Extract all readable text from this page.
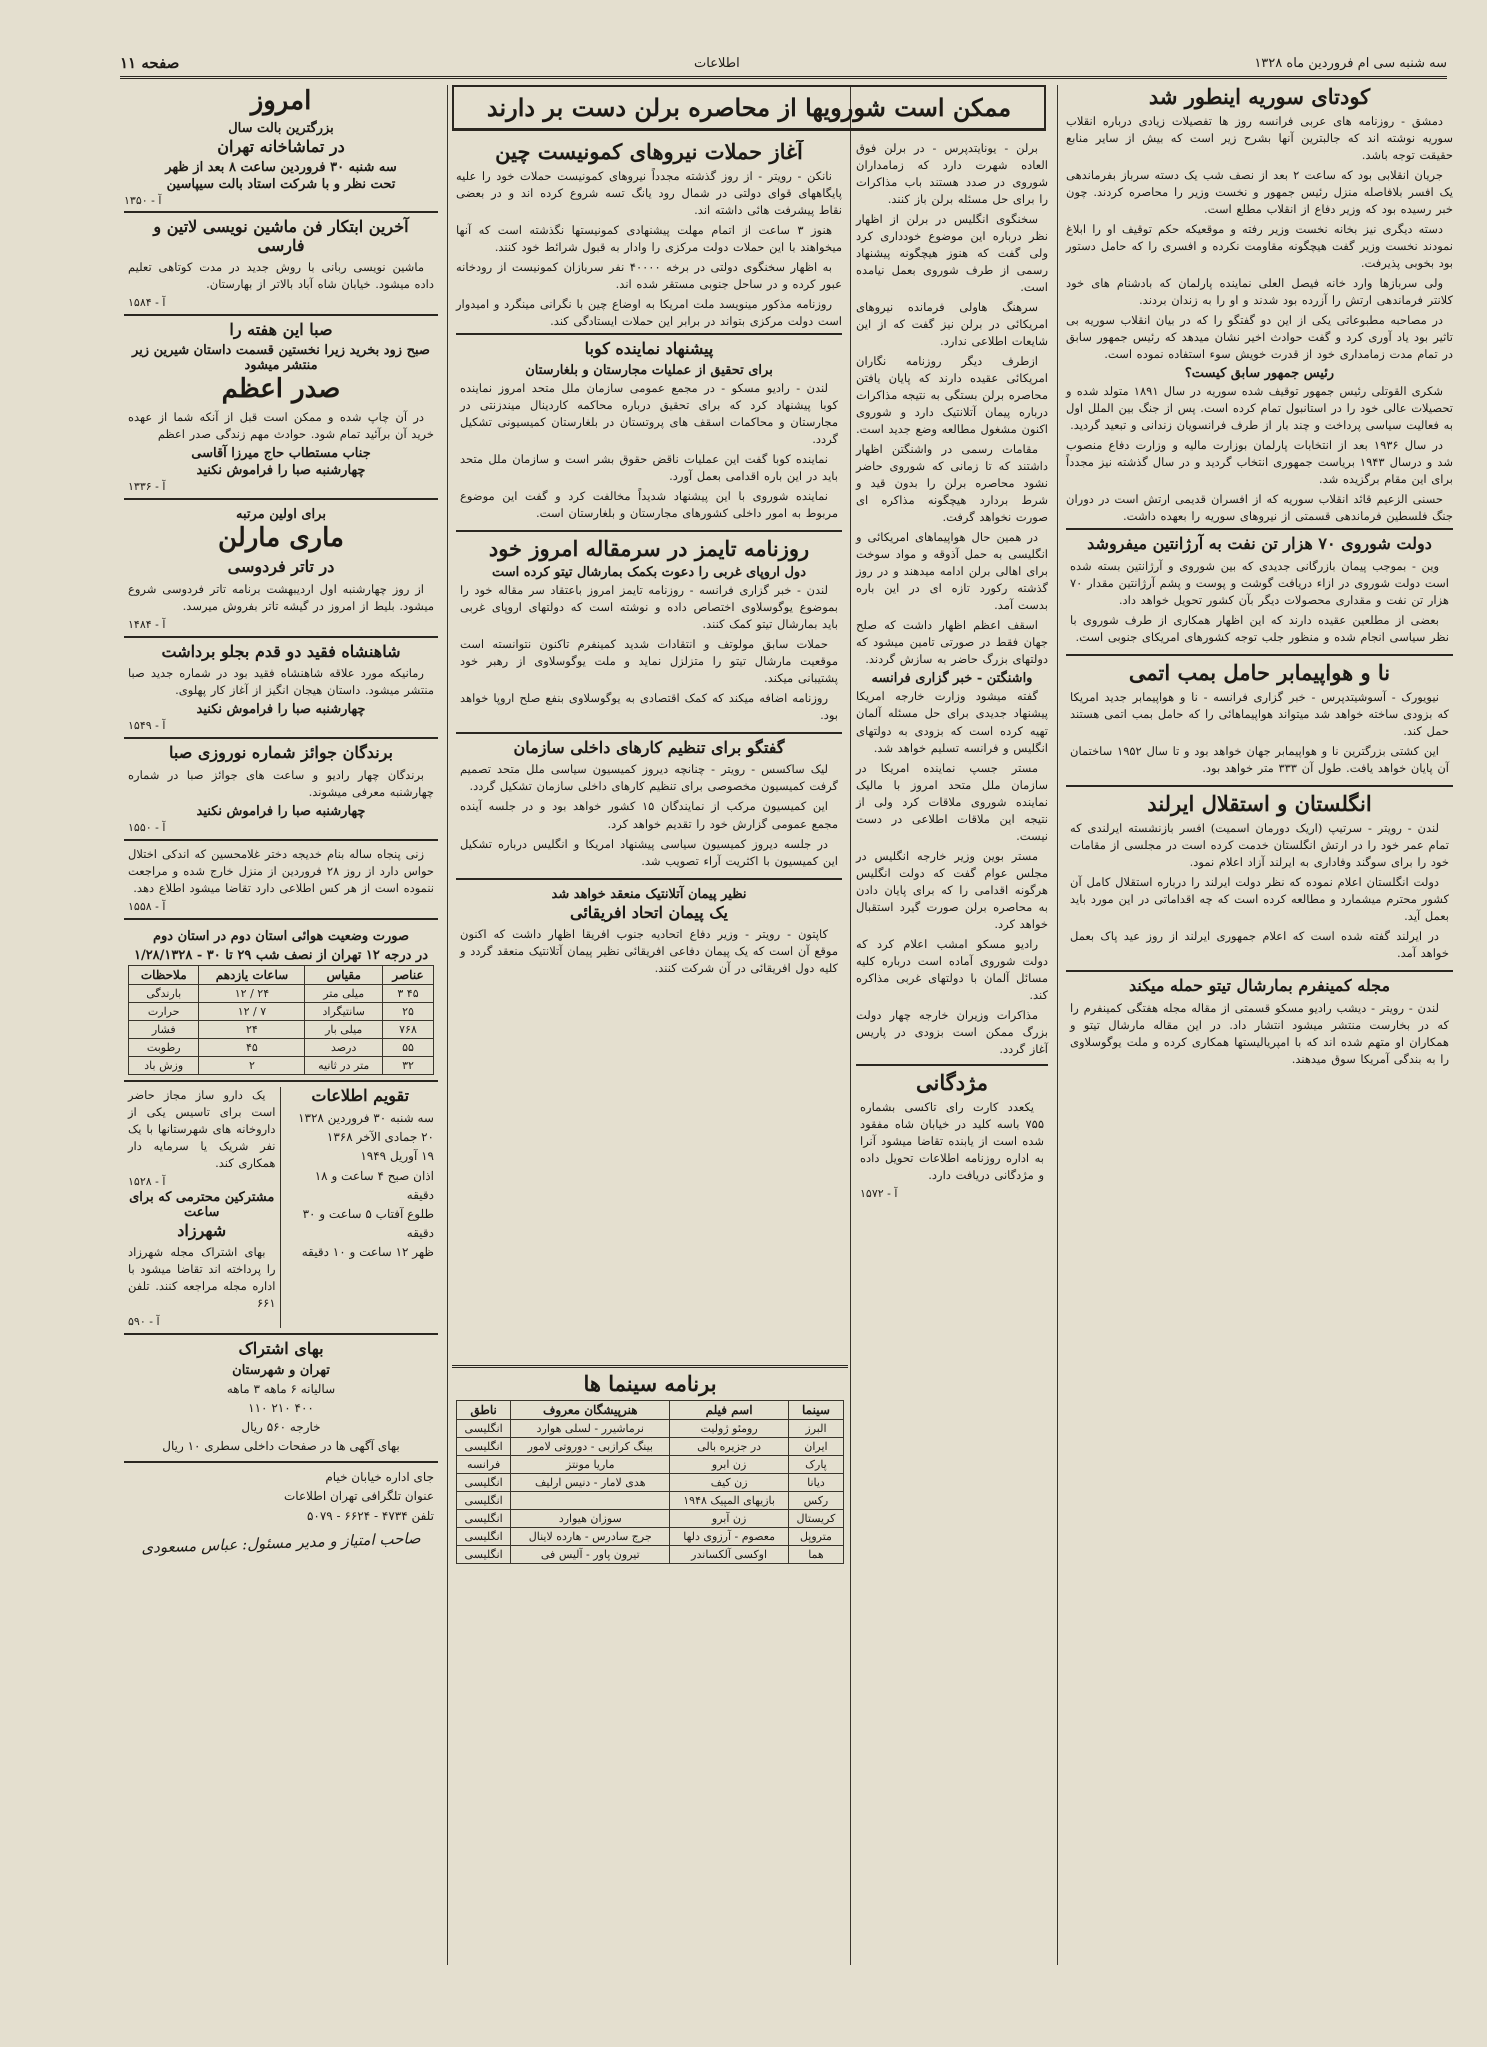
صفحه ۱۱	اطلاعات	سه شنبه سی ام فروردین ماه ۱۳۲۸
کودتای سوریه اینطور شد

دمشق - روزنامه های عربی فرانسه روز ها تفصیلات زیادی درباره انقلاب سوریه نوشته اند که جالبترین آنها بشرح زیر است که بیش از سایر منابع حقیقت توجه باشد.

جریان انقلابی بود که ساعت ۲ بعد از نصف شب یک دسته سرباز بفرماندهی یک افسر بلافاصله منزل رئیس جمهور و نخست وزیر را محاصره کردند. چون خبر رسیده بود که وزیر دفاع از انقلاب مطلع است.

دسته دیگری نیز بخانه نخست وزیر رفته و موقعیکه حکم توقیف او را ابلاغ نمودند نخست وزیر گفت هیچگونه مقاومت نکرده و افسری را که حامل دستور بود بخوبی پذیرفت.

ولی سربازها وارد خانه فیصل العلی نماینده پارلمان که بادشنام های خود کلانتر فرماندهی ارتش را آزرده بود شدند و او را به زندان بردند.

در مصاحبه مطبوعاتی یکی از این دو گفتگو را که در بیان انقلاب سوریه بی تاثیر بود یاد آوری کرد و گفت حوادث اخیر نشان میدهد که رئیس جمهور سابق در تمام مدت زمامداری خود از قدرت خویش سوء استفاده نموده است.

رئیس جمهور سابق کیست؟

شکری القوتلی رئیس جمهور توقیف شده سوریه در سال ۱۸۹۱ متولد شده و تحصیلات عالی خود را در استانبول تمام کرده است. پس از جنگ بین الملل اول به فعالیت سیاسی پرداخت و چند بار از طرف فرانسویان زندانی و تبعید گردید.

در سال ۱۹۳۶ بعد از انتخابات پارلمان بوزارت مالیه و وزارت دفاع منصوب شد و درسال ۱۹۴۳ بریاست جمهوری انتخاب گردید و در سال گذشته نیز مجدداً برای این مقام برگزیده شد.

حسنی الزعیم قائد انقلاب سوریه که از افسران قدیمی ارتش است در دوران جنگ فلسطین فرماندهی قسمتی از نیروهای سوریه را بعهده داشت.

دولت شوروی ۷۰ هزار تن نفت به آرژانتین میفروشد

وین - بموجب پیمان بازرگانی جدیدی که بین شوروی و آرژانتین بسته شده است دولت شوروی در ازاء دریافت گوشت و پوست و پشم آرژانتین مقدار ۷۰ هزار تن نفت و مقداری محصولات دیگر بآن کشور تحویل خواهد داد.

بعضی از مطلعین عقیده دارند که این اظهار همکاری از طرف شوروی با نظر سیاسی انجام شده و منظور جلب توجه کشورهای امریکای جنوبی است.

نا و هواپیمابر حامل بمب اتمی

نیویورک - آسوشیتدپرس - خبر گزاری فرانسه - نا و هواپیمابر جدید امریکا که بزودی ساخته خواهد شد میتواند هواپیماهائی را که حامل بمب اتمی هستند حمل کند.

این کشتی بزرگترین نا و هواپیمابر جهان خواهد بود و تا سال ۱۹۵۲ ساختمان آن پایان خواهد یافت. طول آن ۳۳۳ متر خواهد بود.

انگلستان و استقلال ایرلند

لندن - رویتر - سرتیپ (اریک دورمان اسمیت) افسر بازنشسته ایرلندی که تمام عمر خود را در ارتش انگلستان خدمت کرده است در مجلسی از مقامات خود را برای سوگند وفاداری به ایرلند آزاد اعلام نمود.

دولت انگلستان اعلام نموده که نظر دولت ایرلند را درباره استقلال کامل آن کشور محترم میشمارد و مطالعه کرده است که چه اقداماتی در این مورد باید بعمل آید.

در ایرلند گفته شده است که اعلام جمهوری ایرلند از روز عید پاک بعمل خواهد آمد.

مجله کمینفرم بمارشال تیتو حمله میکند

لندن - رویتر - دیشب رادیو مسکو قسمتی از مقاله مجله هفتگی کمینفرم را که در بخارست منتشر میشود انتشار داد. در این مقاله مارشال تیتو و همکاران او متهم شده اند که با امپریالیستها همکاری کرده و ملت یوگوسلاوی را به بندگی آمریکا سوق میدهند.

ممکن است شورویها از محاصره برلن دست بر دارند

برلن - یونایتدپرس - در برلن فوق العاده شهرت دارد که زمامداران شوروی در صدد هستند باب مذاکرات را برای حل مسئله برلن باز کنند.

سخنگوی انگلیس در برلن از اظهار نظر درباره این موضوع خودداری کرد ولی گفت که هنوز هیچگونه پیشنهاد رسمی از طرف شوروی بعمل نیامده است.

سرهنگ هاولی فرمانده نیروهای امریکائی در برلن نیز گفت که از این شایعات اطلاعی ندارد.

ازطرف دیگر روزنامه نگاران امریکائی عقیده دارند که پایان یافتن محاصره برلن بستگی به نتیجه مذاکرات درباره پیمان آتلانتیک دارد و شوروی اکنون مشغول مطالعه وضع جدید است.

مقامات رسمی در واشنگتن اظهار داشتند که تا زمانی که شوروی حاضر نشود محاصره برلن را بدون قید و شرط بردارد هیچگونه مذاکره ای صورت نخواهد گرفت.

در همین حال هواپیماهای امریکائی و انگلیسی به حمل آذوقه و مواد سوخت برای اهالی برلن ادامه میدهند و در روز گذشته رکورد تازه ای در این باره بدست آمد.

اسقف اعظم اظهار داشت که صلح جهان فقط در صورتی تامین میشود که دولتهای بزرگ حاضر به سازش گردند.

واشنگتن - خبر گزاری فرانسه

گفته میشود وزارت خارجه امریکا پیشنهاد جدیدی برای حل مسئله آلمان تهیه کرده است که بزودی به دولتهای انگلیس و فرانسه تسلیم خواهد شد.

مستر جسپ نماینده امریکا در سازمان ملل متحد امروز با مالیک نماینده شوروی ملاقات کرد ولی از نتیجه این ملاقات اطلاعی در دست نیست.

مستر بوین وزیر خارجه انگلیس در مجلس عوام گفت که دولت انگلیس هرگونه اقدامی را که برای پایان دادن به محاصره برلن صورت گیرد استقبال خواهد کرد.

رادیو مسکو امشب اعلام کرد که دولت شوروی آماده است درباره کلیه مسائل آلمان با دولتهای غربی مذاکره کند.

مذاکرات وزیران خارجه چهار دولت بزرگ ممکن است بزودی در پاریس آغاز گردد.

مژدگانی

یکعدد کارت رای تاکسی بشماره ۷۵۵ باسه کلید در خیابان شاه مفقود شده است از یابنده تقاضا میشود آنرا به اداره روزنامه اطلاعات تحویل داده و مژدگانی دریافت دارد.

آ - ۱۵۷۲
آغاز حملات نیروهای کمونیست چین

نانکن - رویتر - از روز گذشته مجدداً نیروهای کمونیست حملات خود را علیه پایگاههای قوای دولتی در شمال رود یانگ تسه شروع کرده اند و در بعضی نقاط پیشرفت هائی داشته اند.

هنوز ۳ ساعت از اتمام مهلت پیشنهادی کمونیستها نگذشته است که آنها میخواهند با این حملات دولت مرکزی را وادار به قبول شرائط خود کنند.

به اظهار سخنگوی دولتی در برخه ۴۰۰۰۰ نفر سربازان کمونیست از رودخانه عبور کرده و در ساحل جنوبی مستقر شده اند.

روزنامه مذکور مینویسد ملت امریکا به اوضاع چین با نگرانی مینگرد و امیدوار است دولت مرکزی بتواند در برابر این حملات ایستادگی کند.

پیشنهاد نماینده کوبا
برای تحقیق از عملیات مجارستان و بلغارستان

لندن - رادیو مسکو - در مجمع عمومی سازمان ملل متحد امروز نماینده کوبا پیشنهاد کرد که برای تحقیق درباره محاکمه کاردینال میندزنتی در مجارستان و محاکمات اسقف های پروتستان در بلغارستان کمیسیونی تشکیل گردد.

نماینده کوبا گفت این عملیات ناقض حقوق بشر است و سازمان ملل متحد باید در این باره اقدامی بعمل آورد.

نماینده شوروی با این پیشنهاد شدیداً مخالفت کرد و گفت این موضوع مربوط به امور داخلی کشورهای مجارستان و بلغارستان است.

روزنامه تایمز در سرمقاله امروز خود
دول اروپای غربی را دعوت بکمک بمارشال تیتو کرده است

لندن - خبر گزاری فرانسه - روزنامه تایمز امروز باعتقاد سر مقاله خود را بموضوع یوگوسلاوی اختصاص داده و نوشته است که دولتهای اروپای غربی باید بمارشال تیتو کمک کنند.

حملات سابق مولوتف و انتقادات شدید کمینفرم تاکنون نتوانسته است موقعیت مارشال تیتو را متزلزل نماید و ملت یوگوسلاوی از رهبر خود پشتیبانی میکند.

روزنامه اضافه میکند که کمک اقتصادی به یوگوسلاوی بنفع صلح اروپا خواهد بود.

گفتگو برای تنظیم کارهای داخلی سازمان

لیک ساکسس - رویتر - چنانچه دیروز کمیسیون سیاسی ملل متحد تصمیم گرفت کمیسیون مخصوصی برای تنظیم کارهای داخلی سازمان تشکیل گردد.

این کمیسیون مرکب از نمایندگان ۱۵ کشور خواهد بود و در جلسه آینده مجمع عمومی گزارش خود را تقدیم خواهد کرد.

در جلسه دیروز کمیسیون سیاسی پیشنهاد امریکا و انگلیس درباره تشکیل این کمیسیون با اکثریت آراء تصویب شد.

نظیر پیمان آتلانتیک منعقد خواهد شد
یک پیمان اتحاد افریقائی

کاپتون - رویتر - وزیر دفاع اتحادیه جنوب افریقا اظهار داشت که اکنون موقع آن است که یک پیمان دفاعی افریقائی نظیر پیمان آتلانتیک منعقد گردد و کلیه دول افریقائی در آن شرکت کنند.

برنامه سینما ها
سینما	اسم فیلم	هنرپیشگان معروف	ناطق
البرز	رومئو ژولیت	نرماشیرر - لسلی هوارد	انگلیسی
ایران	در جزیره بالی	بینگ کرازبی - دوروتی لامور	انگلیسی
پارک	زن ابرو	ماریا مونتز	فرانسه
دیانا	زن کیف	هدی لامار - دنیس ارلیف	انگلیسی
رکس	بازیهای المپیک ۱۹۴۸		انگلیسی
کریستال	زن آبرو	سوزان هیوارد	انگلیسی
متروپل	معصوم - آرزوی دلها	جرج سادرس - هارده لاینال	انگلیسی
هما	اوکسی آلکساندر	تیرون پاور - آلیس فی	انگلیسی
امروز
بزرگترین بالت سال
در تماشاخانه تهران
سه شنبه ۳۰ فروردین ساعت ۸ بعد از ظهر
تحت نظر و با شرکت استاد بالت سیپاسین
آ - ۱۳۵۰
آخرین ابتکار فن ماشین نویسی لاتین و فارسی

ماشین نویسی ربانی با روش جدید در مدت کوتاهی تعلیم داده میشود. خیابان شاه آباد بالاتر از بهارستان.

آ - ۱۵۸۴
صبا این هفته را
صبح زود بخرید زیرا نخستین قسمت داستان شیرین زیر منتشر میشود
صدر اعظم

در آن چاپ شده و ممکن است قبل از آنکه شما از عهده خرید آن برآئید تمام شود. حوادث مهم زندگی صدر اعظم

جناب مستطاب حاج میرزا آقاسی
چهارشنبه صبا را فراموش نکنید
آ - ۱۳۳۶
برای اولین مرتبه
ماری مارلن
در تاتر فردوسی

از روز چهارشنبه اول اردیبهشت برنامه تاتر فردوسی شروع میشود. بلیط از امروز در گیشه تاتر بفروش میرسد.

آ - ۱۴۸۴
شاهنشاه فقید دو قدم بجلو برداشت

رمانیکه مورد علاقه شاهنشاه فقید بود در شماره جدید صبا منتشر میشود. داستان هیجان انگیز از آغاز کار پهلوی.

چهارشنبه صبا را فراموش نکنید
آ - ۱۵۴۹
برندگان جوائز شماره نوروزی صبا

برندگان چهار رادیو و ساعت های جوائز صبا در شماره چهارشنبه معرفی میشوند.

چهارشنبه صبا را فراموش نکنید
آ - ۱۵۵۰

زنی پنجاه ساله بنام خدیجه دختر غلامحسین که اندکی اختلال حواس دارد از روز ۲۸ فروردین از منزل خارج شده و مراجعت ننموده است از هر کس اطلاعی دارد تقاضا میشود اطلاع دهد.

آ - ۱۵۵۸
صورت وضعیت هوائی استان دوم در استان دوم
در درجه ۱۲ تهران از نصف شب ۲۹ تا ۳۰ - ۱/۲۸/۱۳۲۸
عناصر	مقیاس	ساعات یازدهم	ملاحظات
۴۵ ۳	میلی متر	۲۴ / ۱۲	بارندگی
۲۵	سانتیگراد	۷ / ۱۲	حرارت
۷۶۸	میلی بار	۲۴	فشار
۵۵	درصد	۴۵	رطوبت
۳۲	متر در ثانیه	۲	وزش باد
تقویم اطلاعات
سه شنبه ۳۰ فروردین ۱۳۲۸
۲۰ جمادی الآخر ۱۳۶۸
۱۹ آوریل ۱۹۴۹
اذان صبح ۴ ساعت و ۱۸ دقیقه
طلوع آفتاب ۵ ساعت و ۳۰ دقیقه
ظهر ۱۲ ساعت و ۱۰ دقیقه

یک دارو ساز مجاز حاضر است برای تاسیس یکی از داروخانه های شهرستانها با یک نفر شریک یا سرمایه دار همکاری کند.

آ - ۱۵۲۸
مشترکین محترمی که برای ساعت
شهرزاد

بهای اشتراک مجله شهرزاد را پرداخته اند تقاضا میشود با اداره مجله مراجعه کنند. تلفن ۶۶۱

آ - ۵۹۰
بهای اشتراک
تهران و شهرستان
سالیانه ۶ ماهه ۳ ماهه
۴۰۰ ۲۱۰ ۱۱۰
خارجه ۵۶۰ ریال
بهای آگهی ها در صفحات داخلی سطری ۱۰ ریال
جای اداره خیابان خیام
عنوان تلگرافی تهران اطلاعات
تلفن ۴۷۳۴ - ۶۶۲۴ - ۵۰۷۹
صاحب امتیاز و مدیر مسئول: عباس مسعودی
